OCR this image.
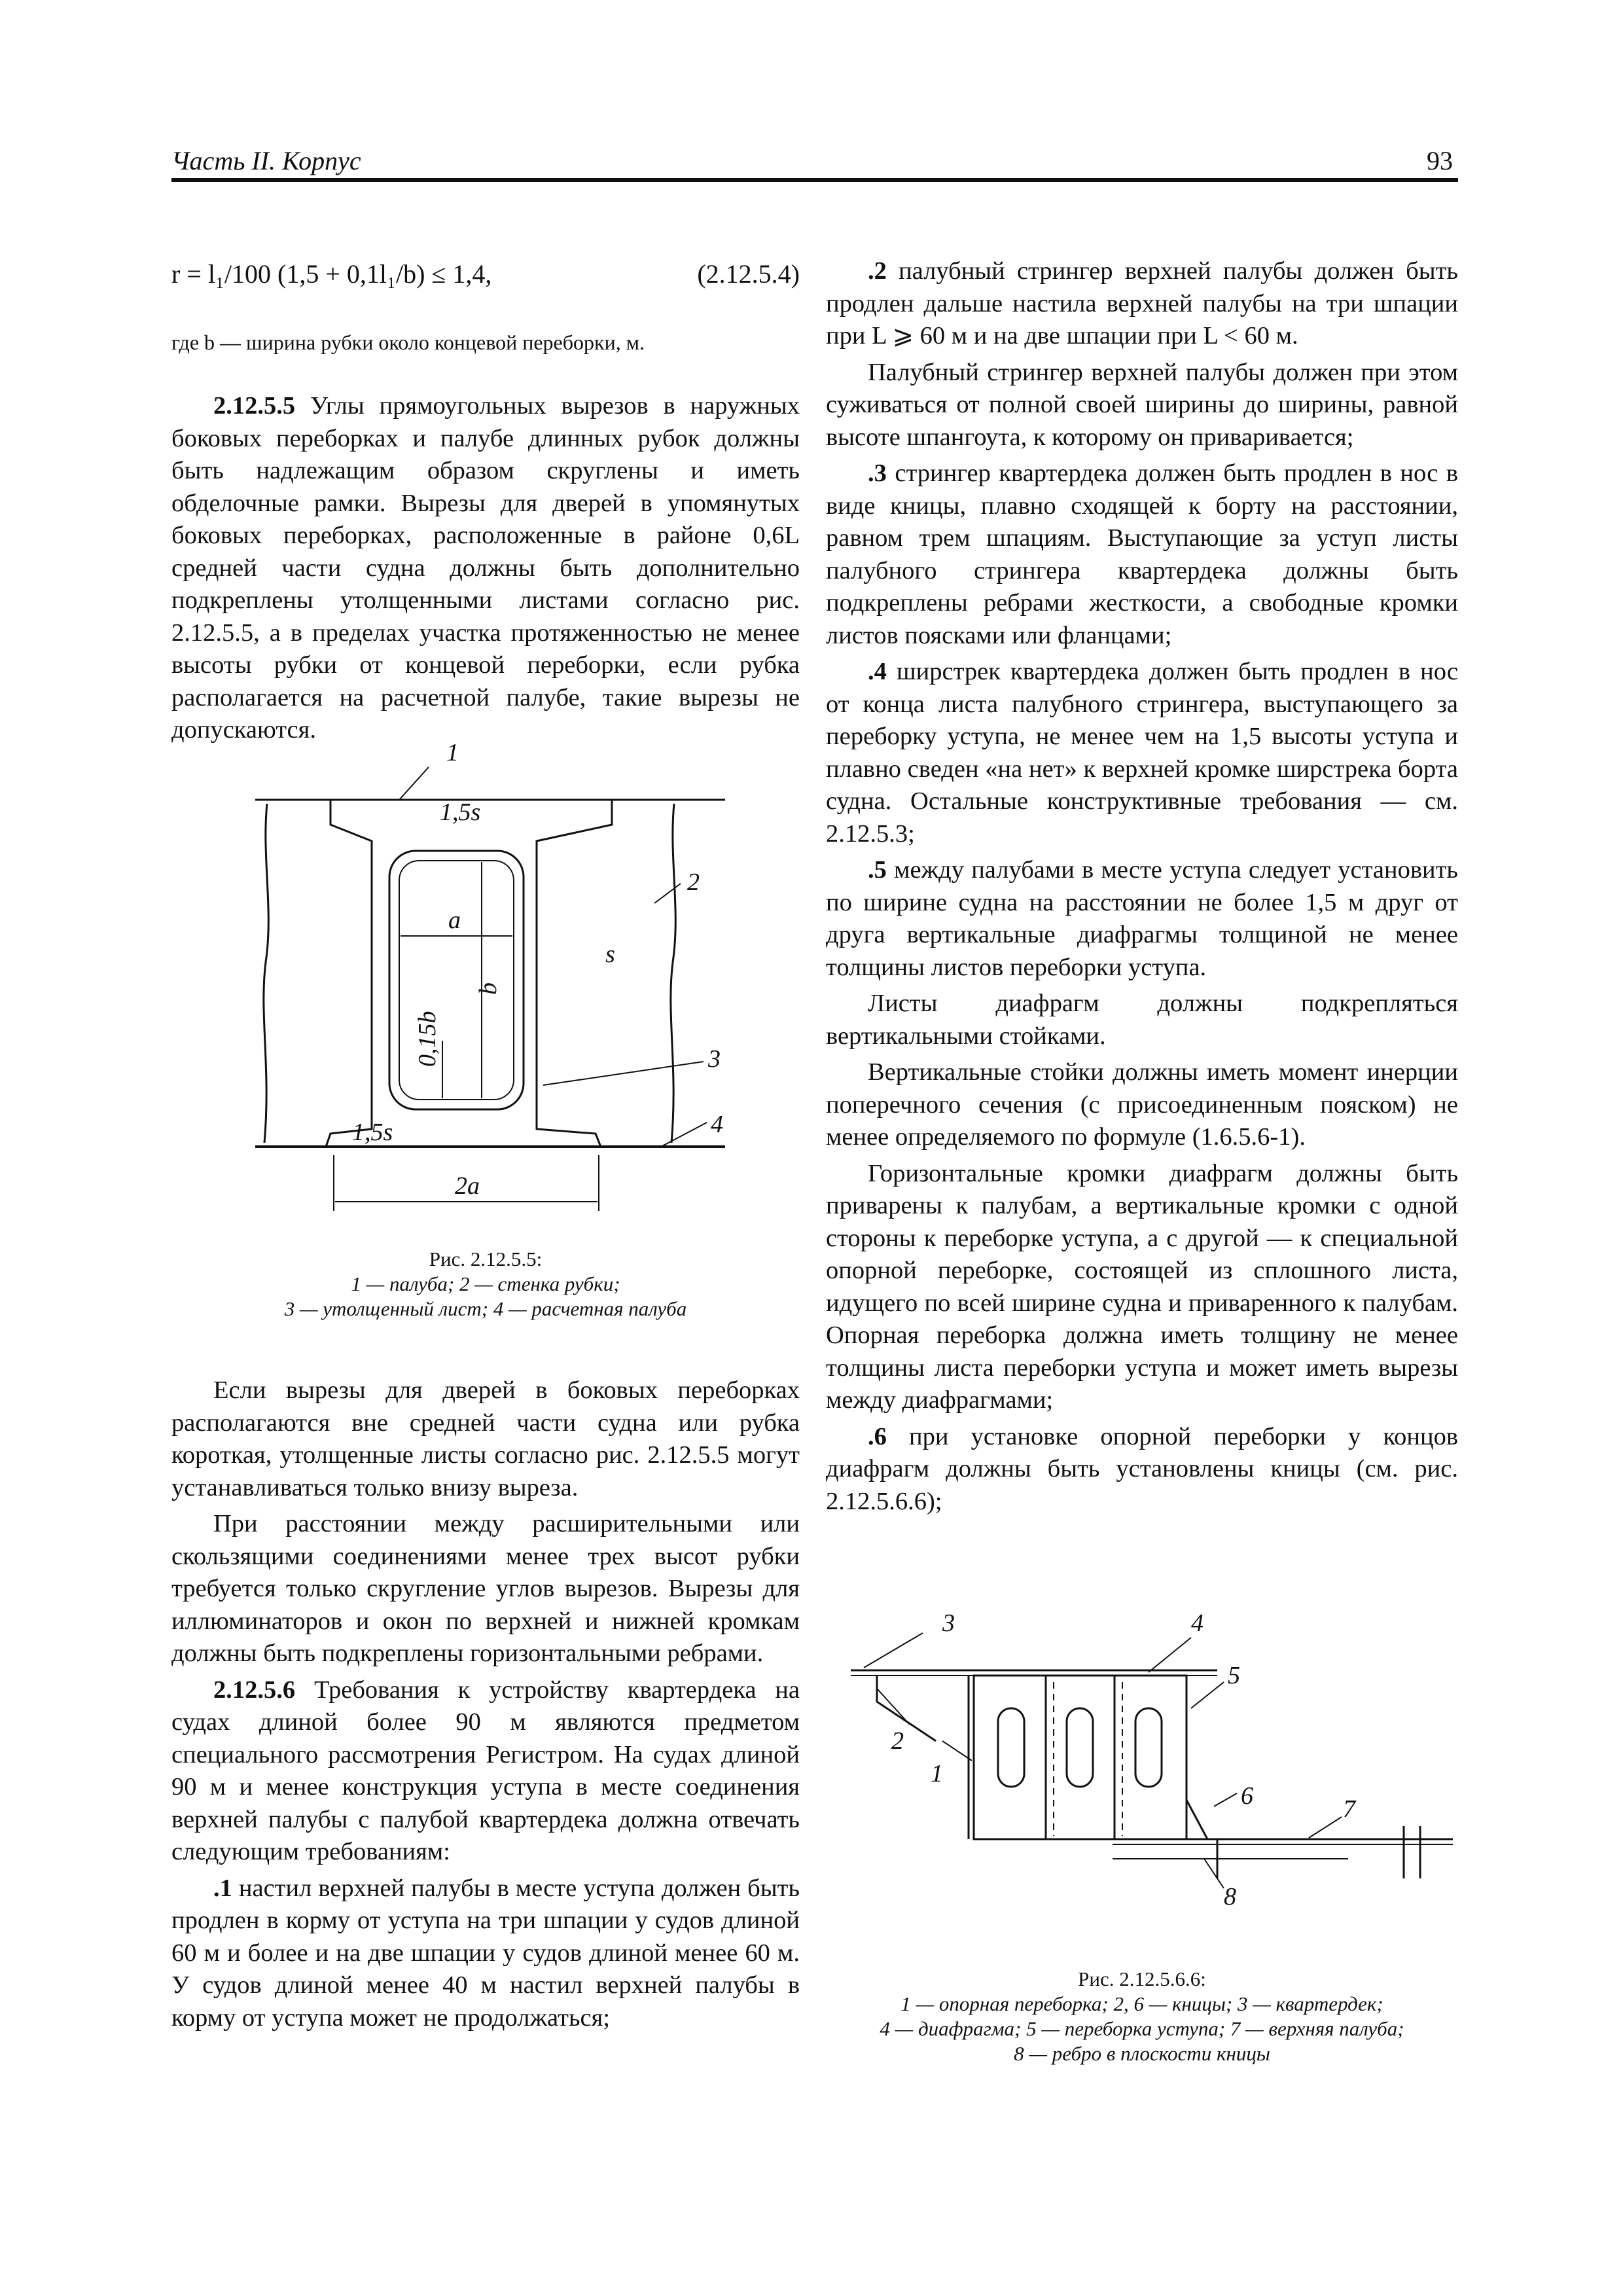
Часть II. Корпус	93
r = l₁/100 (1,5 + 0,1l₁/b) ≤ 1,4,	(2.12.5.4)
где b — ширина рубки около концевой переборки, м.

2.12.5.5 Углы прямоугольных вырезов в наружных боковых переборках и палубе длинных рубок должны быть надлежащим образом скруглены и иметь обделочные рамки. Вырезы для дверей в упомянутых боковых переборках, расположенные в районе 0,6L средней части судна должны быть дополнительно подкреплены утолщенными листами согласно рис. 2.12.5.5, а в пределах участка протяженностью не менее высоты рубки от концевой переборки, если рубка располагается на расчетной палубе, такие вырезы не допускаются.

1
2
3
4
1,5s
1,5s
a
b
s
0,15b
2a
Рис. 2.12.5.5:
1 — палуба; 2 — стенка рубки;
3 — утолщенный лист; 4 — расчетная палуба

Если вырезы для дверей в боковых переборках располагаются вне средней части судна или рубка короткая, утолщенные листы согласно рис. 2.12.5.5 могут устанавливаться только внизу выреза.

При расстоянии между расширительными или скользящими соединениями менее трех высот рубки требуется только скругление углов вырезов. Вырезы для иллюминаторов и окон по верхней и нижней кромкам должны быть подкреплены горизонтальными ребрами.

2.12.5.6 Требования к устройству квартердека на судах длиной более 90 м являются предметом специального рассмотрения Регистром. На судах длиной 90 м и менее конструкция уступа в месте соединения верхней палубы с палубой квартердека должна отвечать следующим требованиям:

.1 настил верхней палубы в месте уступа должен быть продлен в корму от уступа на три шпации у судов длиной 60 м и более и на две шпации у судов длиной менее 60 м. У судов длиной менее 40 м настил верхней палубы в корму от уступа может не продолжаться;

.2 палубный стрингер верхней палубы должен быть продлен дальше настила верхней палубы на три шпации при L ⩾ 60 м и на две шпации при L < 60 м.

Палубный стрингер верхней палубы должен при этом суживаться от полной своей ширины до ширины, равной высоте шпангоута, к которому он приваривается;

.3 стрингер квартердека должен быть продлен в нос в виде кницы, плавно сходящей к борту на расстоянии, равном трем шпациям. Выступающие за уступ листы палубного стрингера квартердека должны быть подкреплены ребрами жесткости, а свободные кромки листов поясками или фланцами;

.4 ширстрек квартердека должен быть продлен в нос от конца листа палубного стрингера, выступающего за переборку уступа, не менее чем на 1,5 высоты уступа и плавно сведен «на нет» к верхней кромке ширстрека борта судна. Остальные конструктивные требования — см. 2.12.5.3;

.5 между палубами в месте уступа следует установить по ширине судна на расстоянии не более 1,5 м друг от друга вертикальные диафрагмы толщиной не менее толщины листов переборки уступа.

Листы диафрагм должны подкрепляться вертикальными стойками.

Вертикальные стойки должны иметь момент инерции поперечного сечения (с присоединенным пояском) не менее определяемого по формуле (1.6.5.6-1).

Горизонтальные кромки диафрагм должны быть приварены к палубам, а вертикальные кромки с одной стороны к переборке уступа, а с другой — к специальной опорной переборке, состоящей из сплошного листа, идущего по всей ширине судна и приваренного к палубам. Опорная переборка должна иметь толщину не менее толщины листа переборки уступа и может иметь вырезы между диафрагмами;

.6 при установке опорной переборки у концов диафрагм должны быть установлены кницы (см. рис. 2.12.5.6.6);

3	4
5
2
1
6	7
8
Рис. 2.12.5.6.6:
1 — опорная переборка; 2, 6 — кницы; 3 — квартердек;
4 — диафрагма; 5 — переборка уступа; 7 — верхняя палуба;
8 — ребро в плоскости кницы
